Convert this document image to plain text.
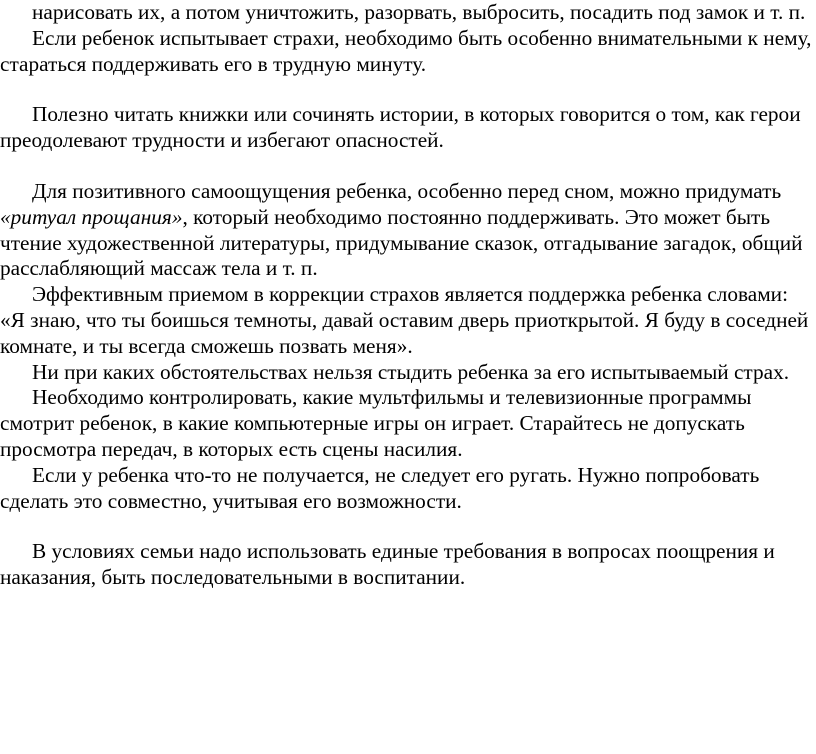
нарисовать их, а потом уничтожить, разорвать, выбросить, посадить под замок и т. п.

Если ребенок испытывает страхи, необходимо быть особенно внимательными к нему, стараться поддерживать его в трудную минуту.

Полезно читать книжки или сочинять истории, в которых говорится о том, как герои преодолевают трудности и избегают опасностей.

Для позитивного самоощущения ребенка, особенно перед сном, можно придумать «ритуал прощания», который необходимо постоянно поддерживать. Это может быть чтение художественной литературы, придумывание сказок, отгадывание загадок, общий расслабляющий массаж тела и т. п.

Эффективным приемом в коррекции страхов является поддержка ребенка словами: «Я знаю, что ты боишься темноты, давай оставим дверь приоткрытой. Я буду в соседней комнате, и ты всегда сможешь позвать меня».

Ни при каких обстоятельствах нельзя стыдить ребенка за его испытываемый страх.

Необходимо контролировать, какие мультфильмы и телевизионные программы смотрит ребенок, в какие компьютерные игры он играет. Старайтесь не допускать просмотра передач, в которых есть сцены насилия.

Если у ребенка что-то не получается, не следует его ругать. Нужно попробовать сделать это совместно, учитывая его возможности.

В условиях семьи надо использовать единые требования в вопросах поощрения и наказания, быть последовательными в воспитании.
